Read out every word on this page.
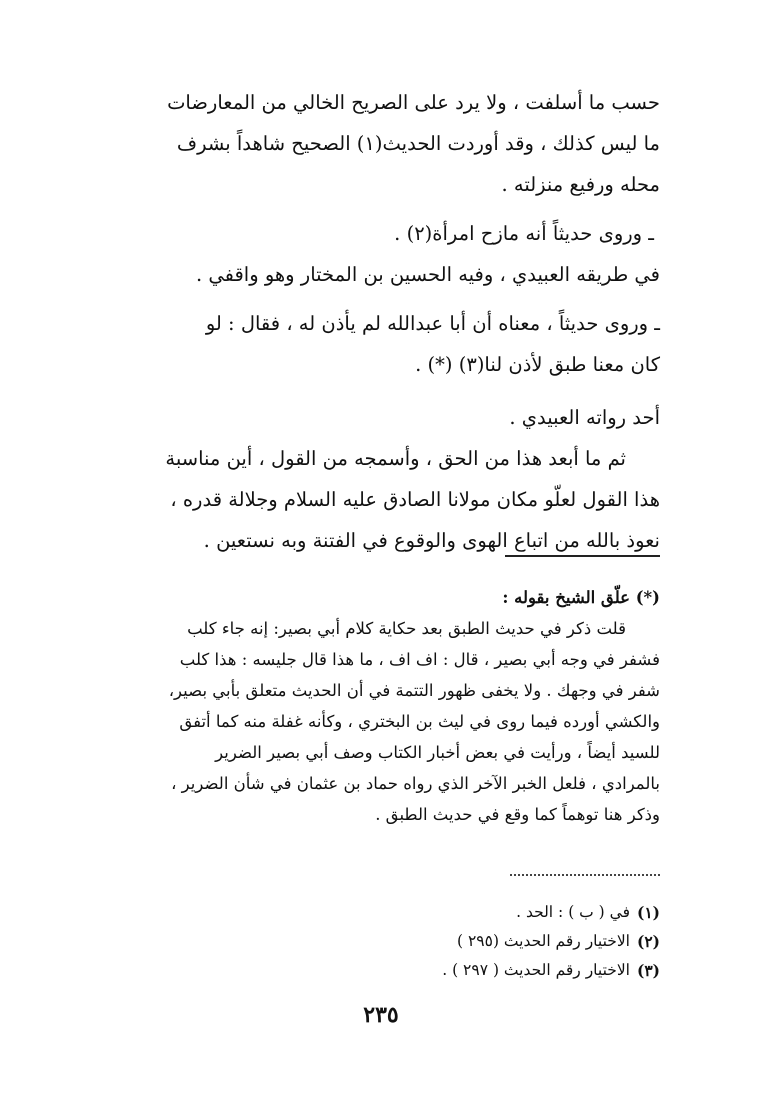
حسب ما أسلفت ، ولا يرد على الصريح الخالي من المعارضات

ما ليس كذلك ، وقد أوردت الحديث(١) الصحيح شاهداً بشرف

محله ورفيع منزلته .

ـ وروى حديثاً أنه مازح امرأة(٢) .

في طريقه العبيدي ، وفيه الحسين بن المختار وهو واقفي .

ـ وروى حديثاً ، معناه أن أبا عبدالله لم يأذن له ، فقال : لو

كان معنا طبق لأذن لنا(٣) (*) .

أحد رواته العبيدي .

ثم ما أبعد هذا من الحق ، وأسمجه من القول ، أين مناسبة

هذا القول لعلّو مكان مولانا الصادق عليه السلام وجلالة قدره ،

نعوذ بالله من اتباع الهوى والوقوع في الفتنة وبه نستعين .

(*) علّق الشيخ بقوله :

قلت ذكر في حديث الطبق بعد حكاية كلام أبي بصير: إنه جاء كلب

فشفر في وجه أبي بصير ، قال : اف اف ، ما هذا قال جليسه : هذا كلب

شفر في وجهك . ولا يخفى ظهور التتمة في أن الحديث متعلق بأبي بصير،

والكشي أورده فيما روى في ليث بن البختري ، وكأنه غفلة منه كما أتفق

للسيد أيضاً ، ورأيت في بعض أخبار الكتاب وصف أبي بصير الضرير

بالمرادي ، فلعل الخبر الآخر الذي رواه حماد بن عثمان في شأن الضرير ،

وذكر هنا توهماً كما وقع في حديث الطبق .

(١)
في ( ب ) : الحد .
(٢)
الاختيار رقم الحديث (٢٩٥ )
(٣)
الاختيار رقم الحديث ( ٢٩٧ ) .
٢٣٥
